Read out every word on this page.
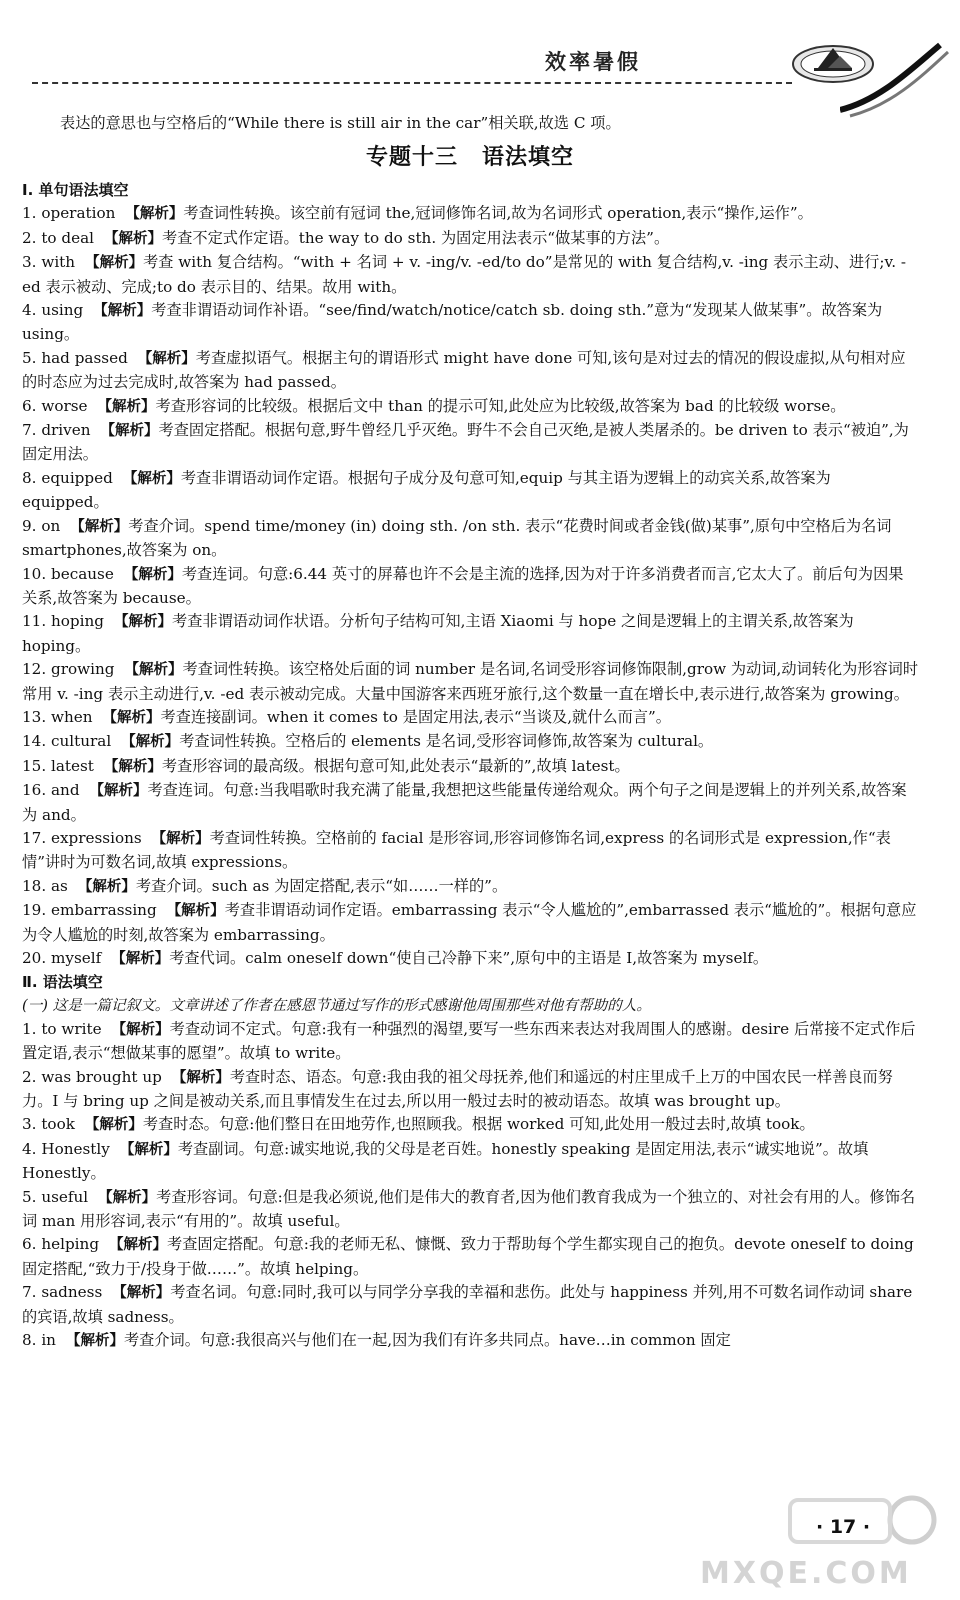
效率暑假

表达的意思也与空格后的“While there is still air in the car”相关联,故选 C 项。

专题十三 语法填空
Ⅰ. 单句语法填空

1. operation 【解析】考查词性转换。该空前有冠词 the,冠词修饰名词,故为名词形式 operation,表示“操作,运作”。

2. to deal 【解析】考查不定式作定语。the way to do sth. 为固定用法表示“做某事的方法”。

3. with 【解析】考查 with 复合结构。“with + 名词 + v. -ing/v. -ed/to do”是常见的 with 复合结构,v. -ing 表示主动、进行;v. -ed 表示被动、完成;to do 表示目的、结果。故用 with。

4. using 【解析】考查非谓语动词作补语。“see/find/watch/notice/catch sb. doing sth.”意为“发现某人做某事”。故答案为 using。

5. had passed 【解析】考查虚拟语气。根据主句的谓语形式 might have done 可知,该句是对过去的情况的假设虚拟,从句相对应的时态应为过去完成时,故答案为 had passed。

6. worse 【解析】考查形容词的比较级。根据后文中 than 的提示可知,此处应为比较级,故答案为 bad 的比较级 worse。

7. driven 【解析】考查固定搭配。根据句意,野牛曾经几乎灭绝。野牛不会自己灭绝,是被人类屠杀的。be driven to 表示“被迫”,为固定用法。

8. equipped 【解析】考查非谓语动词作定语。根据句子成分及句意可知,equip 与其主语为逻辑上的动宾关系,故答案为 equipped。

9. on 【解析】考查介词。spend time/money (in) doing sth. /on sth. 表示“花费时间或者金钱(做)某事”,原句中空格后为名词 smartphones,故答案为 on。

10. because 【解析】考查连词。句意:6.44 英寸的屏幕也许不会是主流的选择,因为对于许多消费者而言,它太大了。前后句为因果关系,故答案为 because。

11. hoping 【解析】考查非谓语动词作状语。分析句子结构可知,主语 Xiaomi 与 hope 之间是逻辑上的主谓关系,故答案为 hoping。

12. growing 【解析】考查词性转换。该空格处后面的词 number 是名词,名词受形容词修饰限制,grow 为动词,动词转化为形容词时常用 v. -ing 表示主动进行,v. -ed 表示被动完成。大量中国游客来西班牙旅行,这个数量一直在增长中,表示进行,故答案为 growing。

13. when 【解析】考查连接副词。when it comes to 是固定用法,表示“当谈及,就什么而言”。

14. cultural 【解析】考查词性转换。空格后的 elements 是名词,受形容词修饰,故答案为 cultural。

15. latest 【解析】考查形容词的最高级。根据句意可知,此处表示“最新的”,故填 latest。

16. and 【解析】考查连词。句意:当我唱歌时我充满了能量,我想把这些能量传递给观众。两个句子之间是逻辑上的并列关系,故答案为 and。

17. expressions 【解析】考查词性转换。空格前的 facial 是形容词,形容词修饰名词,express 的名词形式是 expression,作“表情”讲时为可数名词,故填 expressions。

18. as 【解析】考查介词。such as 为固定搭配,表示“如……一样的”。

19. embarrassing 【解析】考查非谓语动词作定语。embarrassing 表示“令人尴尬的”,embarrassed 表示“尴尬的”。根据句意应为令人尴尬的时刻,故答案为 embarrassing。

20. myself 【解析】考查代词。calm oneself down“使自己冷静下来”,原句中的主语是 I,故答案为 myself。

Ⅱ. 语法填空

(一) 这是一篇记叙文。文章讲述了作者在感恩节通过写作的形式感谢他周围那些对他有帮助的人。

1. to write 【解析】考查动词不定式。句意:我有一种强烈的渴望,要写一些东西来表达对我周围人的感谢。desire 后常接不定式作后置定语,表示“想做某事的愿望”。故填 to write。

2. was brought up 【解析】考查时态、语态。句意:我由我的祖父母抚养,他们和遥远的村庄里成千上万的中国农民一样善良而努力。I 与 bring up 之间是被动关系,而且事情发生在过去,所以用一般过去时的被动语态。故填 was brought up。

3. took 【解析】考查时态。句意:他们整日在田地劳作,也照顾我。根据 worked 可知,此处用一般过去时,故填 took。

4. Honestly 【解析】考查副词。句意:诚实地说,我的父母是老百姓。honestly speaking 是固定用法,表示“诚实地说”。故填 Honestly。

5. useful 【解析】考查形容词。句意:但是我必须说,他们是伟大的教育者,因为他们教育我成为一个独立的、对社会有用的人。修饰名词 man 用形容词,表示“有用的”。故填 useful。

6. helping 【解析】考查固定搭配。句意:我的老师无私、慷慨、致力于帮助每个学生都实现自己的抱负。devote oneself to doing 固定搭配,“致力于/投身于做……”。故填 helping。

7. sadness 【解析】考查名词。句意:同时,我可以与同学分享我的幸福和悲伤。此处与 happiness 并列,用不可数名词作动词 share 的宾语,故填 sadness。

8. in 【解析】考查介词。句意:我很高兴与他们在一起,因为我们有许多共同点。have…in common 固定

MXQE.COM
· 17 ·
